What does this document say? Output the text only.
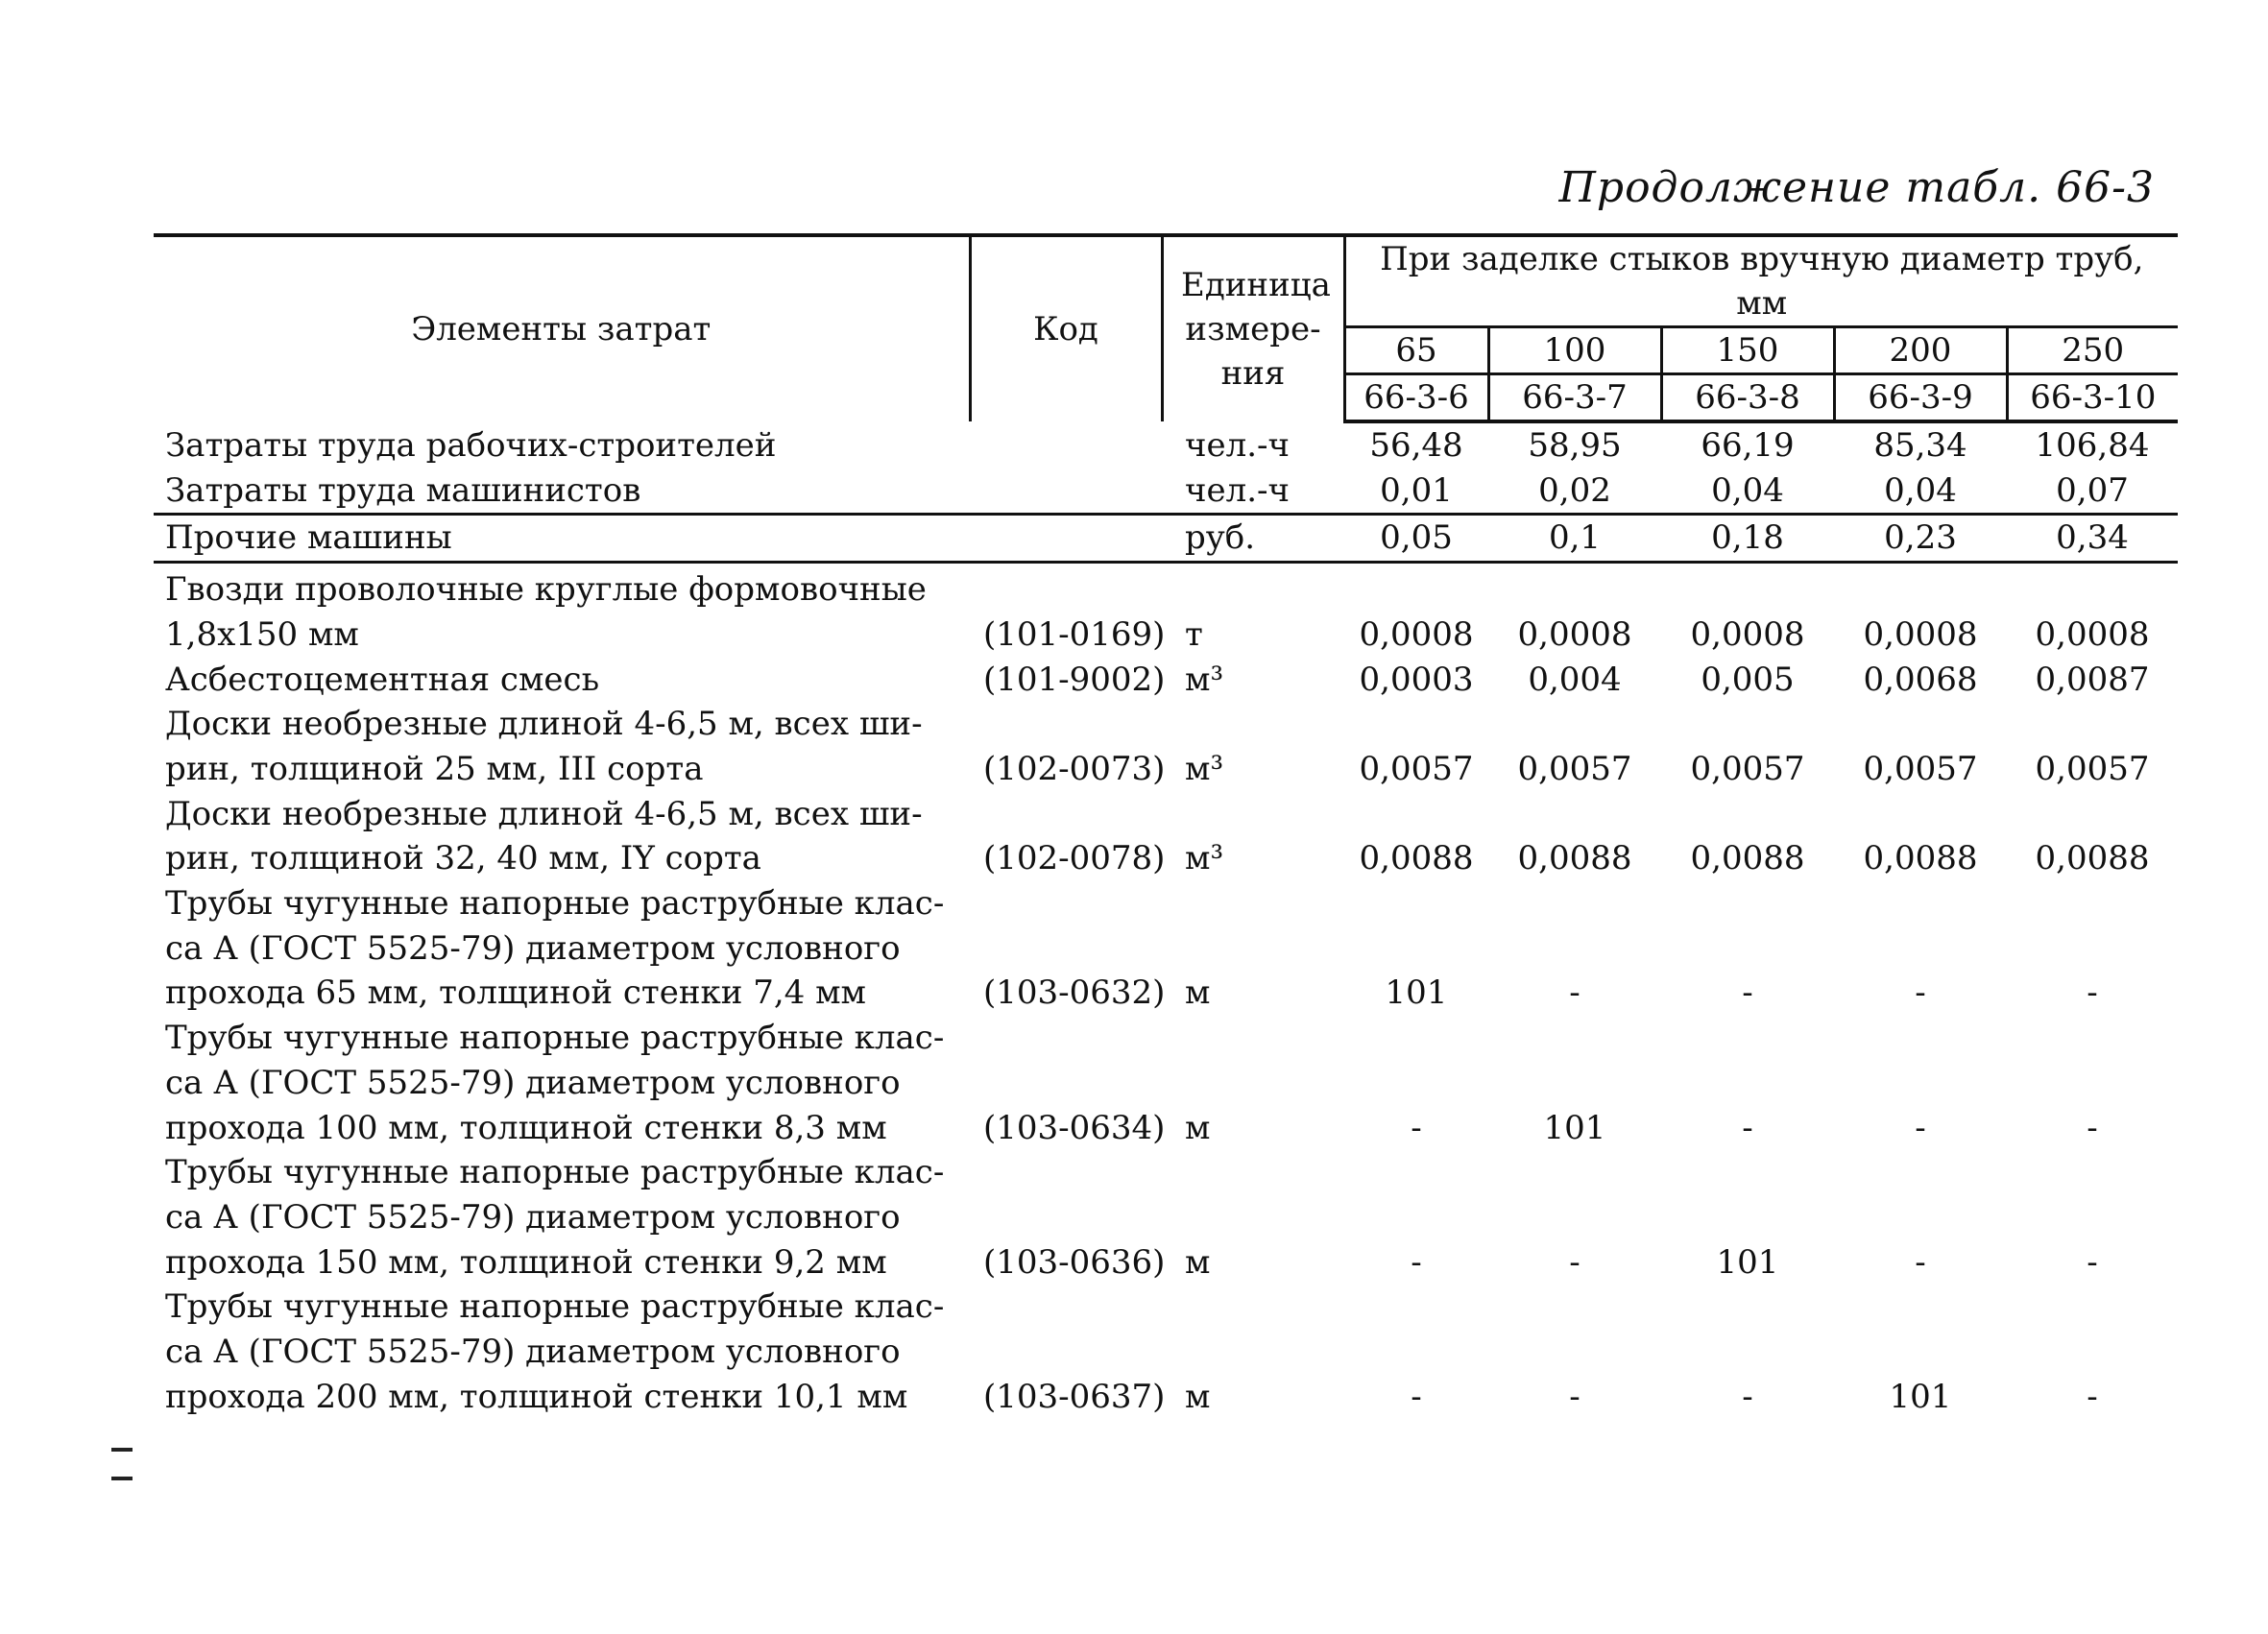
Продолжение табл. 66-3
Элементы затрат	Код	Единица измере-ния	При заделке стыков вручную диаметр труб, мм				
			65	100	150	200	250
			66-3-6	66-3-7	66-3-8	66-3-9	66-3-10
Затраты труда рабочих-строителей		чел.-ч	56,48	58,95	66,19	85,34	106,84
Затраты труда машинистов		чел.-ч	0,01	0,02	0,04	0,04	0,07
Прочие машины		руб.	0,05	0,1	0,18	0,23	0,34

Гвозди проволочные круглые формовочные
1,8x150 мм	(101-0169)	т	0,0008	0,0008	0,0008	0,0008	0,0008

Асбестоцементная смесь	(101-9002)	м³	0,0003	0,004	0,005	0,0068	0,0087

Доски необрезные длиной 4-6,5 м, всех ши-
рин, толщиной 25 мм, III сорта	(102-0073)	м³	0,0057	0,0057	0,0057	0,0057	0,0057

Доски необрезные длиной 4-6,5 м, всех ши-
рин, толщиной 32, 40 мм, IY сорта	(102-0078)	м³	0,0088	0,0088	0,0088	0,0088	0,0088

Трубы чугунные напорные раструбные клас-
са А (ГОСТ 5525-79) диаметром условного
прохода 65 мм, толщиной стенки 7,4 мм	(103-0632)	м	101	-	-	-	-

Трубы чугунные напорные раструбные клас-
са А (ГОСТ 5525-79) диаметром условного
прохода 100 мм, толщиной стенки 8,3 мм	(103-0634)	м	-	101	-	-	-

Трубы чугунные напорные раструбные клас-
са А (ГОСТ 5525-79) диаметром условного
прохода 150 мм, толщиной стенки 9,2 мм	(103-0636)	м	-	-	101	-	-

Трубы чугунные напорные раструбные клас-
са А (ГОСТ 5525-79) диаметром условного
прохода 200 мм, толщиной стенки 10,1 мм	(103-0637)	м	-	-	-	101	-
